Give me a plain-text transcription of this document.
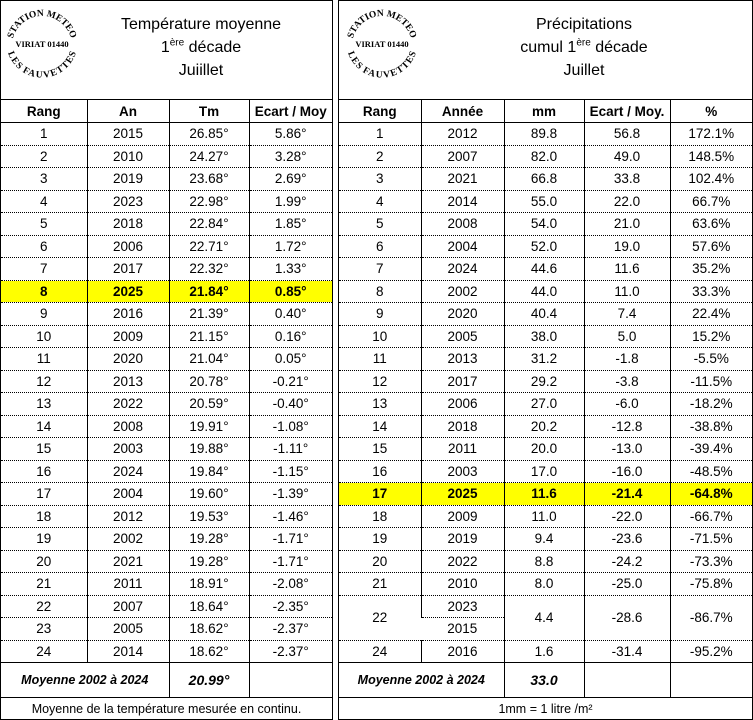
STATION METEO
VIRIAT 01440
LES FAUVETTES
Température moyenne
1ère décade
Juiillet
Rang	An	Tm	Ecart / Moy
1	2015	26.85°	5.86°
2	2010	24.27°	3.28°
3	2019	23.68°	2.69°
4	2023	22.98°	1.99°
5	2018	22.84°	1.85°
6	2006	22.71°	1.72°
7	2017	22.32°	1.33°
8	2025	21.84°	0.85°
9	2016	21.39°	0.40°
10	2009	21.15°	0.16°
11	2020	21.04°	0.05°
12	2013	20.78°	-0.21°
13	2022	20.59°	-0.40°
14	2008	19.91°	-1.08°
15	2003	19.88°	-1.11°
16	2024	19.84°	-1.15°
17	2004	19.60°	-1.39°
18	2012	19.53°	-1.46°
19	2002	19.28°	-1.71°
20	2021	19.28°	-1.71°
21	2011	18.91°	-2.08°
22	2007	18.64°	-2.35°
23	2005	18.62°	-2.37°
24	2014	18.62°	-2.37°
Moyenne 2002 à 2024		20.99°	
Moyenne de la température mesurée en continu.
STATION METEO
VIRIAT 01440
LES FAUVETTES
Précipitations
cumul 1ère décade
Juillet
Rang	Année	mm	Ecart / Moy.	%
1	2012	89.8	56.8	172.1%
2	2007	82.0	49.0	148.5%
3	2021	66.8	33.8	102.4%
4	2014	55.0	22.0	66.7%
5	2008	54.0	21.0	63.6%
6	2004	52.0	19.0	57.6%
7	2024	44.6	11.6	35.2%
8	2002	44.0	11.0	33.3%
9	2020	40.4	7.4	22.4%
10	2005	38.0	5.0	15.2%
11	2013	31.2	-1.8	-5.5%
12	2017	29.2	-3.8	-11.5%
13	2006	27.0	-6.0	-18.2%
14	2018	20.2	-12.8	-38.8%
15	2011	20.0	-13.0	-39.4%
16	2003	17.0	-16.0	-48.5%
17	2025	11.6	-21.4	-64.8%
18	2009	11.0	-22.0	-66.7%
19	2019	9.4	-23.6	-71.5%
20	2022	8.8	-24.2	-73.3%
21	2010	8.0	-25.0	-75.8%
22	2023	4.4	-28.6	-86.7%
	2015			
24	2016	1.6	-31.4	-95.2%
Moyenne 2002 à 2024		33.0		
1mm = 1 litre /m²
